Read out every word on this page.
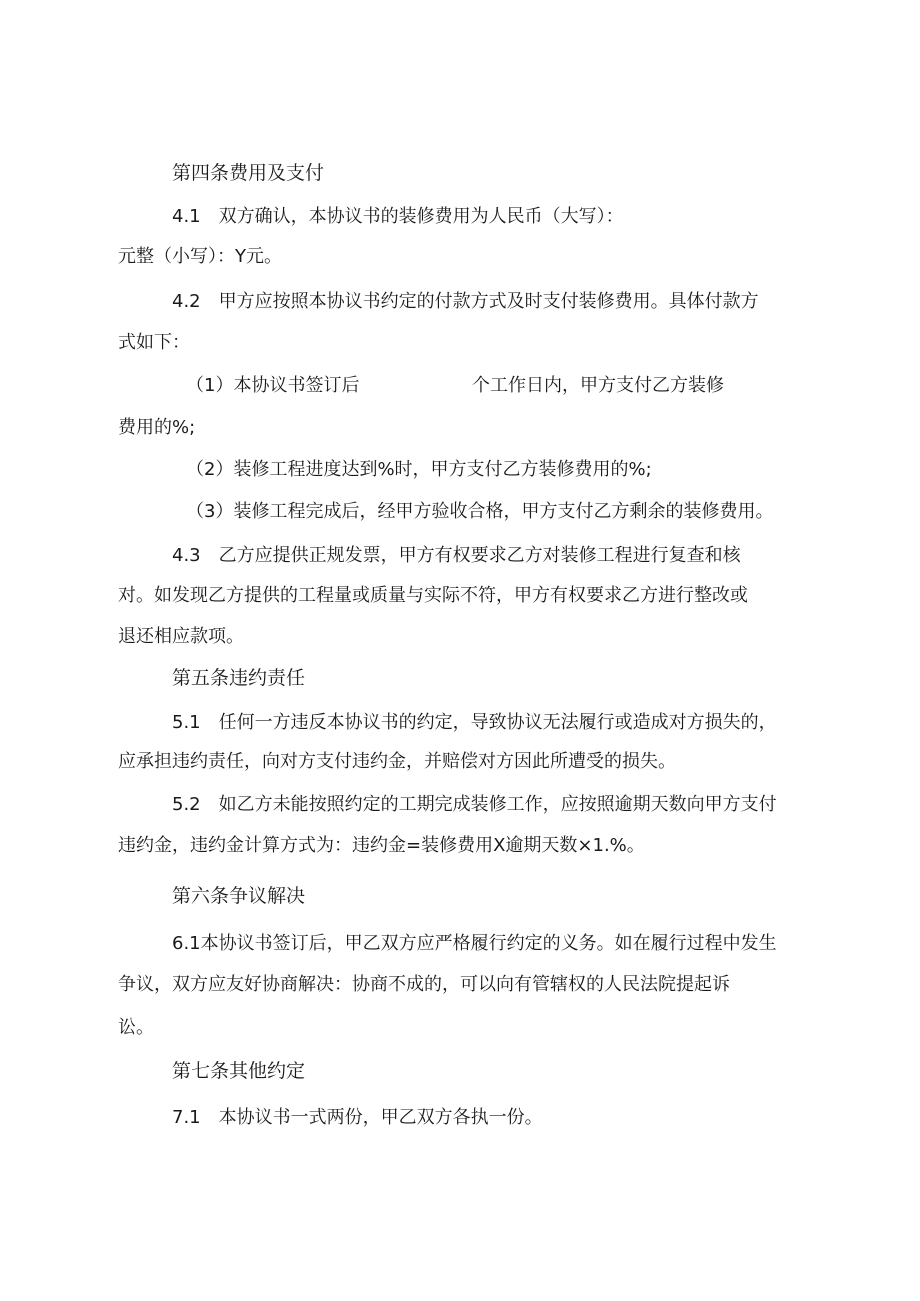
第四条费用及支付
4.1　双方确认，本协议书的装修费用为人民币（大写）：
元整（小写）：Y元。
4.2　甲方应按照本协议书约定的付款方式及时支付装修费用。具体付款方
式如下：
（1）本协议书签订后	个工作日内，甲方支付乙方装修
费用的%;
（2）装修工程进度达到%时，甲方支付乙方装修费用的%;
（3）装修工程完成后，经甲方验收合格，甲方支付乙方剩余的装修费用。
4.3　乙方应提供正规发票，甲方有权要求乙方对装修工程进行复查和核
对。如发现乙方提供的工程量或质量与实际不符，甲方有权要求乙方进行整改或
退还相应款项。
第五条违约责任
5.1　任何一方违反本协议书的约定，导致协议无法履行或造成对方损失的，
应承担违约责任，向对方支付违约金，并赔偿对方因此所遭受的损失。
5.2　如乙方未能按照约定的工期完成装修工作，应按照逾期天数向甲方支付
违约金，违约金计算方式为：违约金=装修费用X逾期天数×1.%。
第六条争议解决
6.1本协议书签订后，甲乙双方应严格履行约定的义务。如在履行过程中发生
争议，双方应友好协商解决：协商不成的，可以向有管辖权的人民法院提起诉
讼。
第七条其他约定
7.1　本协议书一式两份，甲乙双方各执一份。
